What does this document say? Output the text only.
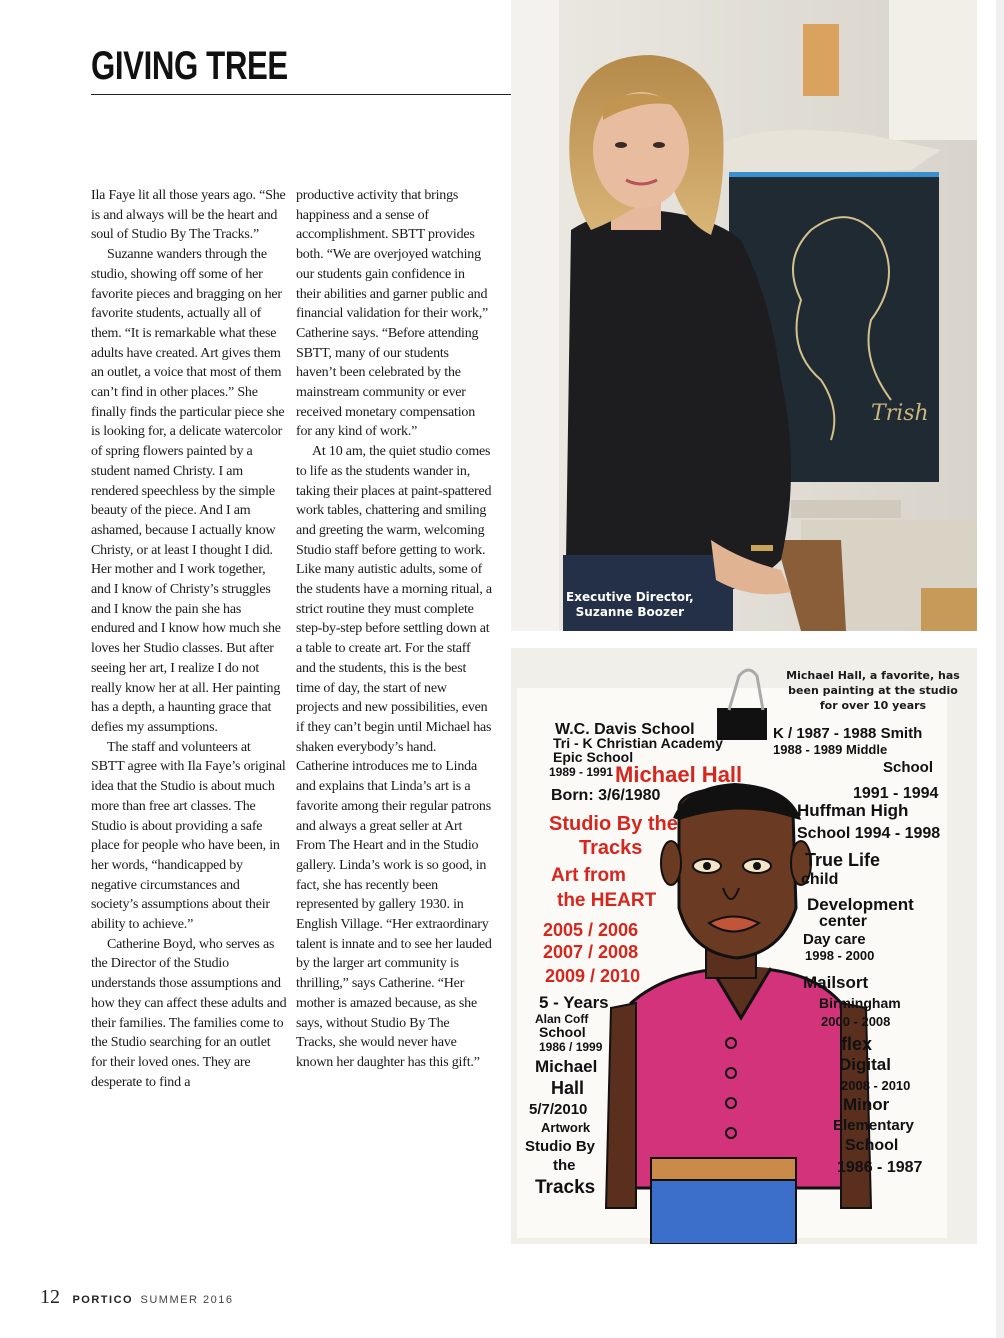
GIVING TREE

Ila Faye lit all those years ago. “She is and always will be the heart and soul of Studio By The Tracks.”

Suzanne wanders through the studio, showing off some of her favorite pieces and bragging on her favorite students, actually all of them. “It is remarkable what these adults have created. Art gives them an outlet, a voice that most of them can’t find in other places.” She finally finds the particular piece she is looking for, a delicate watercolor of spring flowers painted by a student named Christy. I am rendered speechless by the simple beauty of the piece. And I am ashamed, because I actually know Christy, or at least I thought I did. Her mother and I work together, and I know of Christy’s struggles and I know the pain she has endured and I know how much she loves her Studio classes. But after seeing her art, I realize I do not really know her at all. Her painting has a depth, a haunting grace that defies my assumptions.

The staff and volunteers at SBTT agree with Ila Faye’s original idea that the Studio is about much more than free art classes. The Studio is about providing a safe place for people who have been, in her words, “handicapped by negative circumstances and society’s assumptions about their ability to achieve.”

Catherine Boyd, who serves as the Director of the Studio understands those assumptions and how they can affect these adults and their families. The families come to the Studio searching for an outlet for their loved ones. They are desperate to find a

productive activity that brings happiness and a sense of accomplishment. SBTT provides both. “We are overjoyed watching our students gain confidence in their abilities and garner public and financial validation for their work,” Catherine says. “Before attending SBTT, many of our students haven’t been celebrated by the mainstream community or ever received monetary compensation for any kind of work.”

At 10 am, the quiet studio comes to life as the students wander in, taking their places at paint-spattered work tables, chattering and smiling and greeting the warm, welcoming Studio staff before getting to work. Like many autistic adults, some of the students have a morning ritual, a strict routine they must complete step-by-step before settling down at a table to create art. For the staff and the students, this is the best time of day, the start of new projects and new possibilities, even if they can’t begin until Michael has shaken everybody’s hand. Catherine introduces me to Linda and explains that Linda’s art is a favorite among their regular patrons and always a great seller at Art From The Heart and in the Studio gallery. Linda’s work is so good, in fact, she has recently been represented by gallery 1930. in English Village. “Her extraordinary talent is innate and to see her lauded by the larger art community is thrilling,” says Catherine. “Her mother is amazed because, as she says, without Studio By The Tracks, she would never have known her daughter has this gift.”

Trish
Executive Director,
Suzanne Boozer
W.C. Davis School
Tri - K Christian Academy
Epic School
1989 - 1991
Born: 3/6/1980
5 - Years
Alan Coff
School
1986 / 1999
Michael
Hall
5/7/2010
Artwork
Studio By
the
Tracks
Michael Hall
Studio By the
Tracks
Art from
the HEART
2005 / 2006
2007 / 2008
2009 / 2010
K / 1987 - 1988 Smith
1988 - 1989 Middle
School
1991 - 1994
Huffman High
School 1994 - 1998
True Life
child
Development
center
Day care
1998 - 2000
Mailsort
Birmingham
2000 - 2008
flex
Digital
2008 - 2010
Minor
Elementary
School
1986 - 1987
Michael Hall, a favorite, has
been painting at the studio
for over 10 years
12 PORTICO SUMMER 2016
